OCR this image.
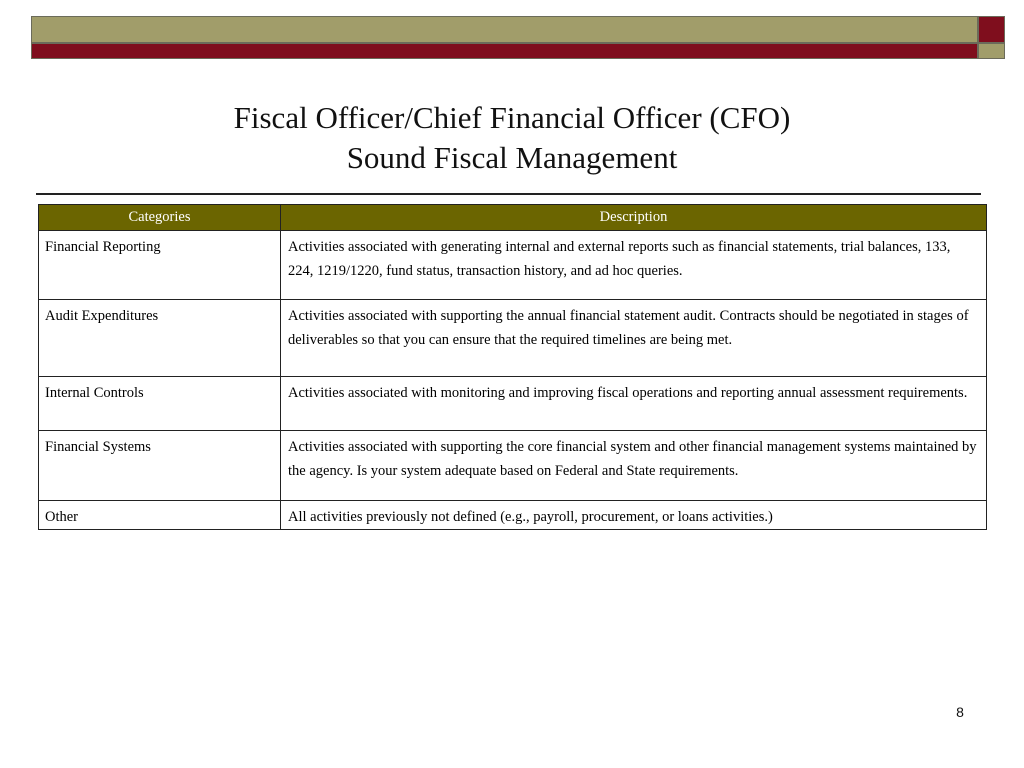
Fiscal Officer/Chief Financial Officer (CFO)
Sound Fiscal Management
Categories	Description
Financial Reporting	Activities associated with generating internal and external reports such as financial statements, trial balances, 133, 224, 1219/1220, fund status, transaction history, and ad hoc queries.
Audit Expenditures	Activities associated with supporting the annual financial statement audit. Contracts should be negotiated in stages of deliverables so that you can ensure that the required timelines are being met.
Internal Controls	Activities associated with monitoring and improving fiscal operations and reporting annual assessment requirements.
Financial Systems	Activities associated with supporting the core financial system and other financial management systems maintained by the agency. Is your system adequate based on Federal and State requirements.
Other	All activities previously not defined (e.g., payroll, procurement, or loans activities.)
8
